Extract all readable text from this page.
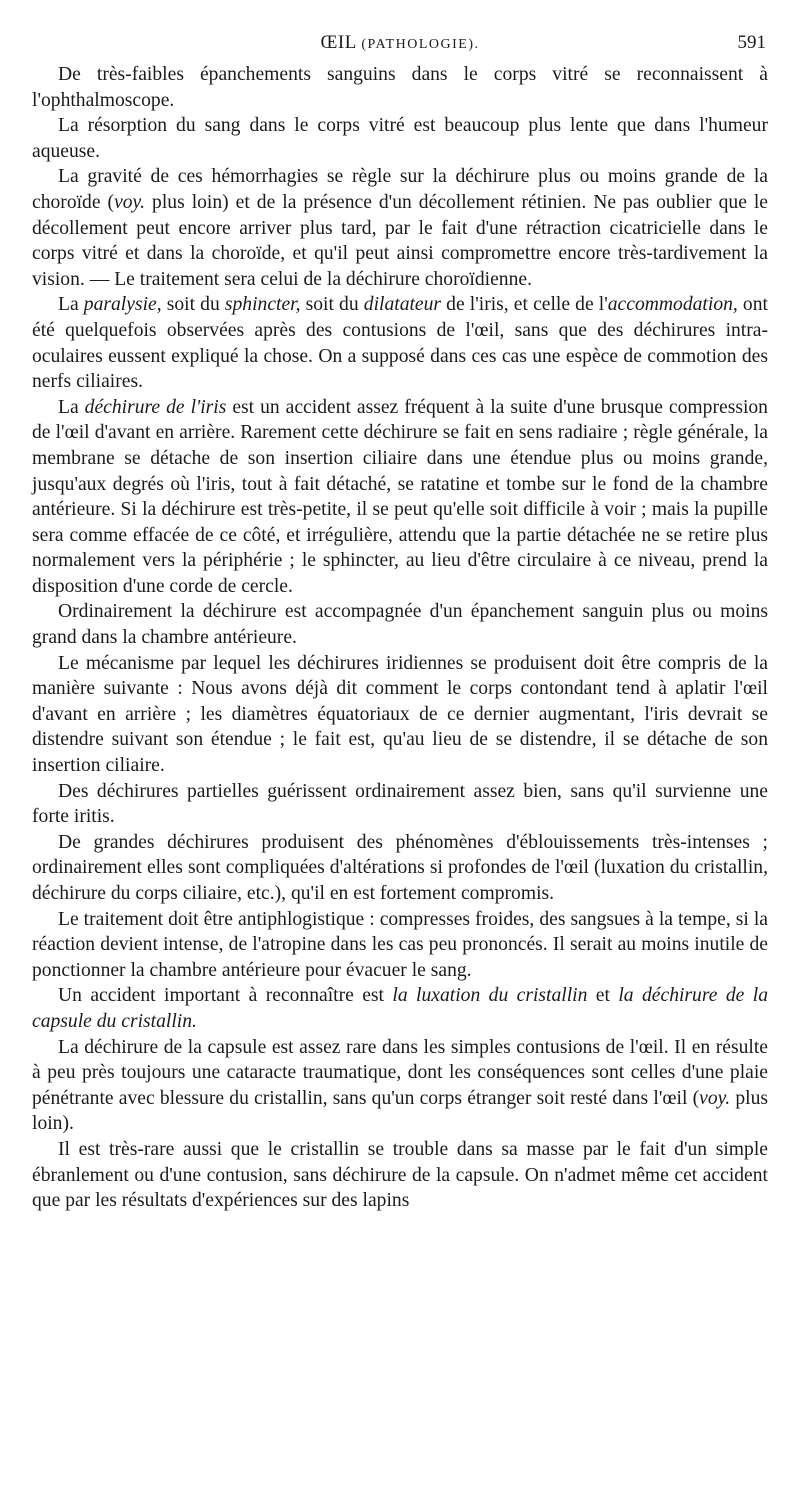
ŒIL (PATHOLOGIE).	591

De très-faibles épanchements sanguins dans le corps vitré se reconnaissent à l'ophthalmoscope.

La résorption du sang dans le corps vitré est beaucoup plus lente que dans l'humeur aqueuse.

La gravité de ces hémorrhagies se règle sur la déchirure plus ou moins grande de la choroïde (voy. plus loin) et de la présence d'un décollement rétinien. Ne pas oublier que le décollement peut encore arriver plus tard, par le fait d'une rétraction cicatricielle dans le corps vitré et dans la choroïde, et qu'il peut ainsi compromettre encore très-tardivement la vision. — Le traitement sera celui de la déchirure choroïdienne.

La paralysie, soit du sphincter, soit du dilatateur de l'iris, et celle de l'accommodation, ont été quelquefois observées après des contusions de l'œil, sans que des déchirures intra-oculaires eussent expliqué la chose. On a supposé dans ces cas une espèce de commotion des nerfs ciliaires.

La déchirure de l'iris est un accident assez fréquent à la suite d'une brusque compression de l'œil d'avant en arrière. Rarement cette déchirure se fait en sens radiaire ; règle générale, la membrane se détache de son insertion ciliaire dans une étendue plus ou moins grande, jusqu'aux degrés où l'iris, tout à fait détaché, se ratatine et tombe sur le fond de la chambre antérieure. Si la déchirure est très-petite, il se peut qu'elle soit difficile à voir ; mais la pupille sera comme effacée de ce côté, et irrégulière, attendu que la partie détachée ne se retire plus normalement vers la périphérie ; le sphincter, au lieu d'être circulaire à ce niveau, prend la disposition d'une corde de cercle.

Ordinairement la déchirure est accompagnée d'un épanchement sanguin plus ou moins grand dans la chambre antérieure.

Le mécanisme par lequel les déchirures iridiennes se produisent doit être compris de la manière suivante : Nous avons déjà dit comment le corps contondant tend à aplatir l'œil d'avant en arrière ; les diamètres équatoriaux de ce dernier augmentant, l'iris devrait se distendre suivant son étendue ; le fait est, qu'au lieu de se distendre, il se détache de son insertion ciliaire.

Des déchirures partielles guérissent ordinairement assez bien, sans qu'il survienne une forte iritis.

De grandes déchirures produisent des phénomènes d'éblouissements très-intenses ; ordinairement elles sont compliquées d'altérations si profondes de l'œil (luxation du cristallin, déchirure du corps ciliaire, etc.), qu'il en est fortement compromis.

Le traitement doit être antiphlogistique : compresses froides, des sangsues à la tempe, si la réaction devient intense, de l'atropine dans les cas peu prononcés. Il serait au moins inutile de ponctionner la chambre antérieure pour évacuer le sang.

Un accident important à reconnaître est la luxation du cristallin et la déchirure de la capsule du cristallin.

La déchirure de la capsule est assez rare dans les simples contusions de l'œil. Il en résulte à peu près toujours une cataracte traumatique, dont les conséquences sont celles d'une plaie pénétrante avec blessure du cristallin, sans qu'un corps étranger soit resté dans l'œil (voy. plus loin).

Il est très-rare aussi que le cristallin se trouble dans sa masse par le fait d'un simple ébranlement ou d'une contusion, sans déchirure de la capsule. On n'admet même cet accident que par les résultats d'expériences sur des lapins
